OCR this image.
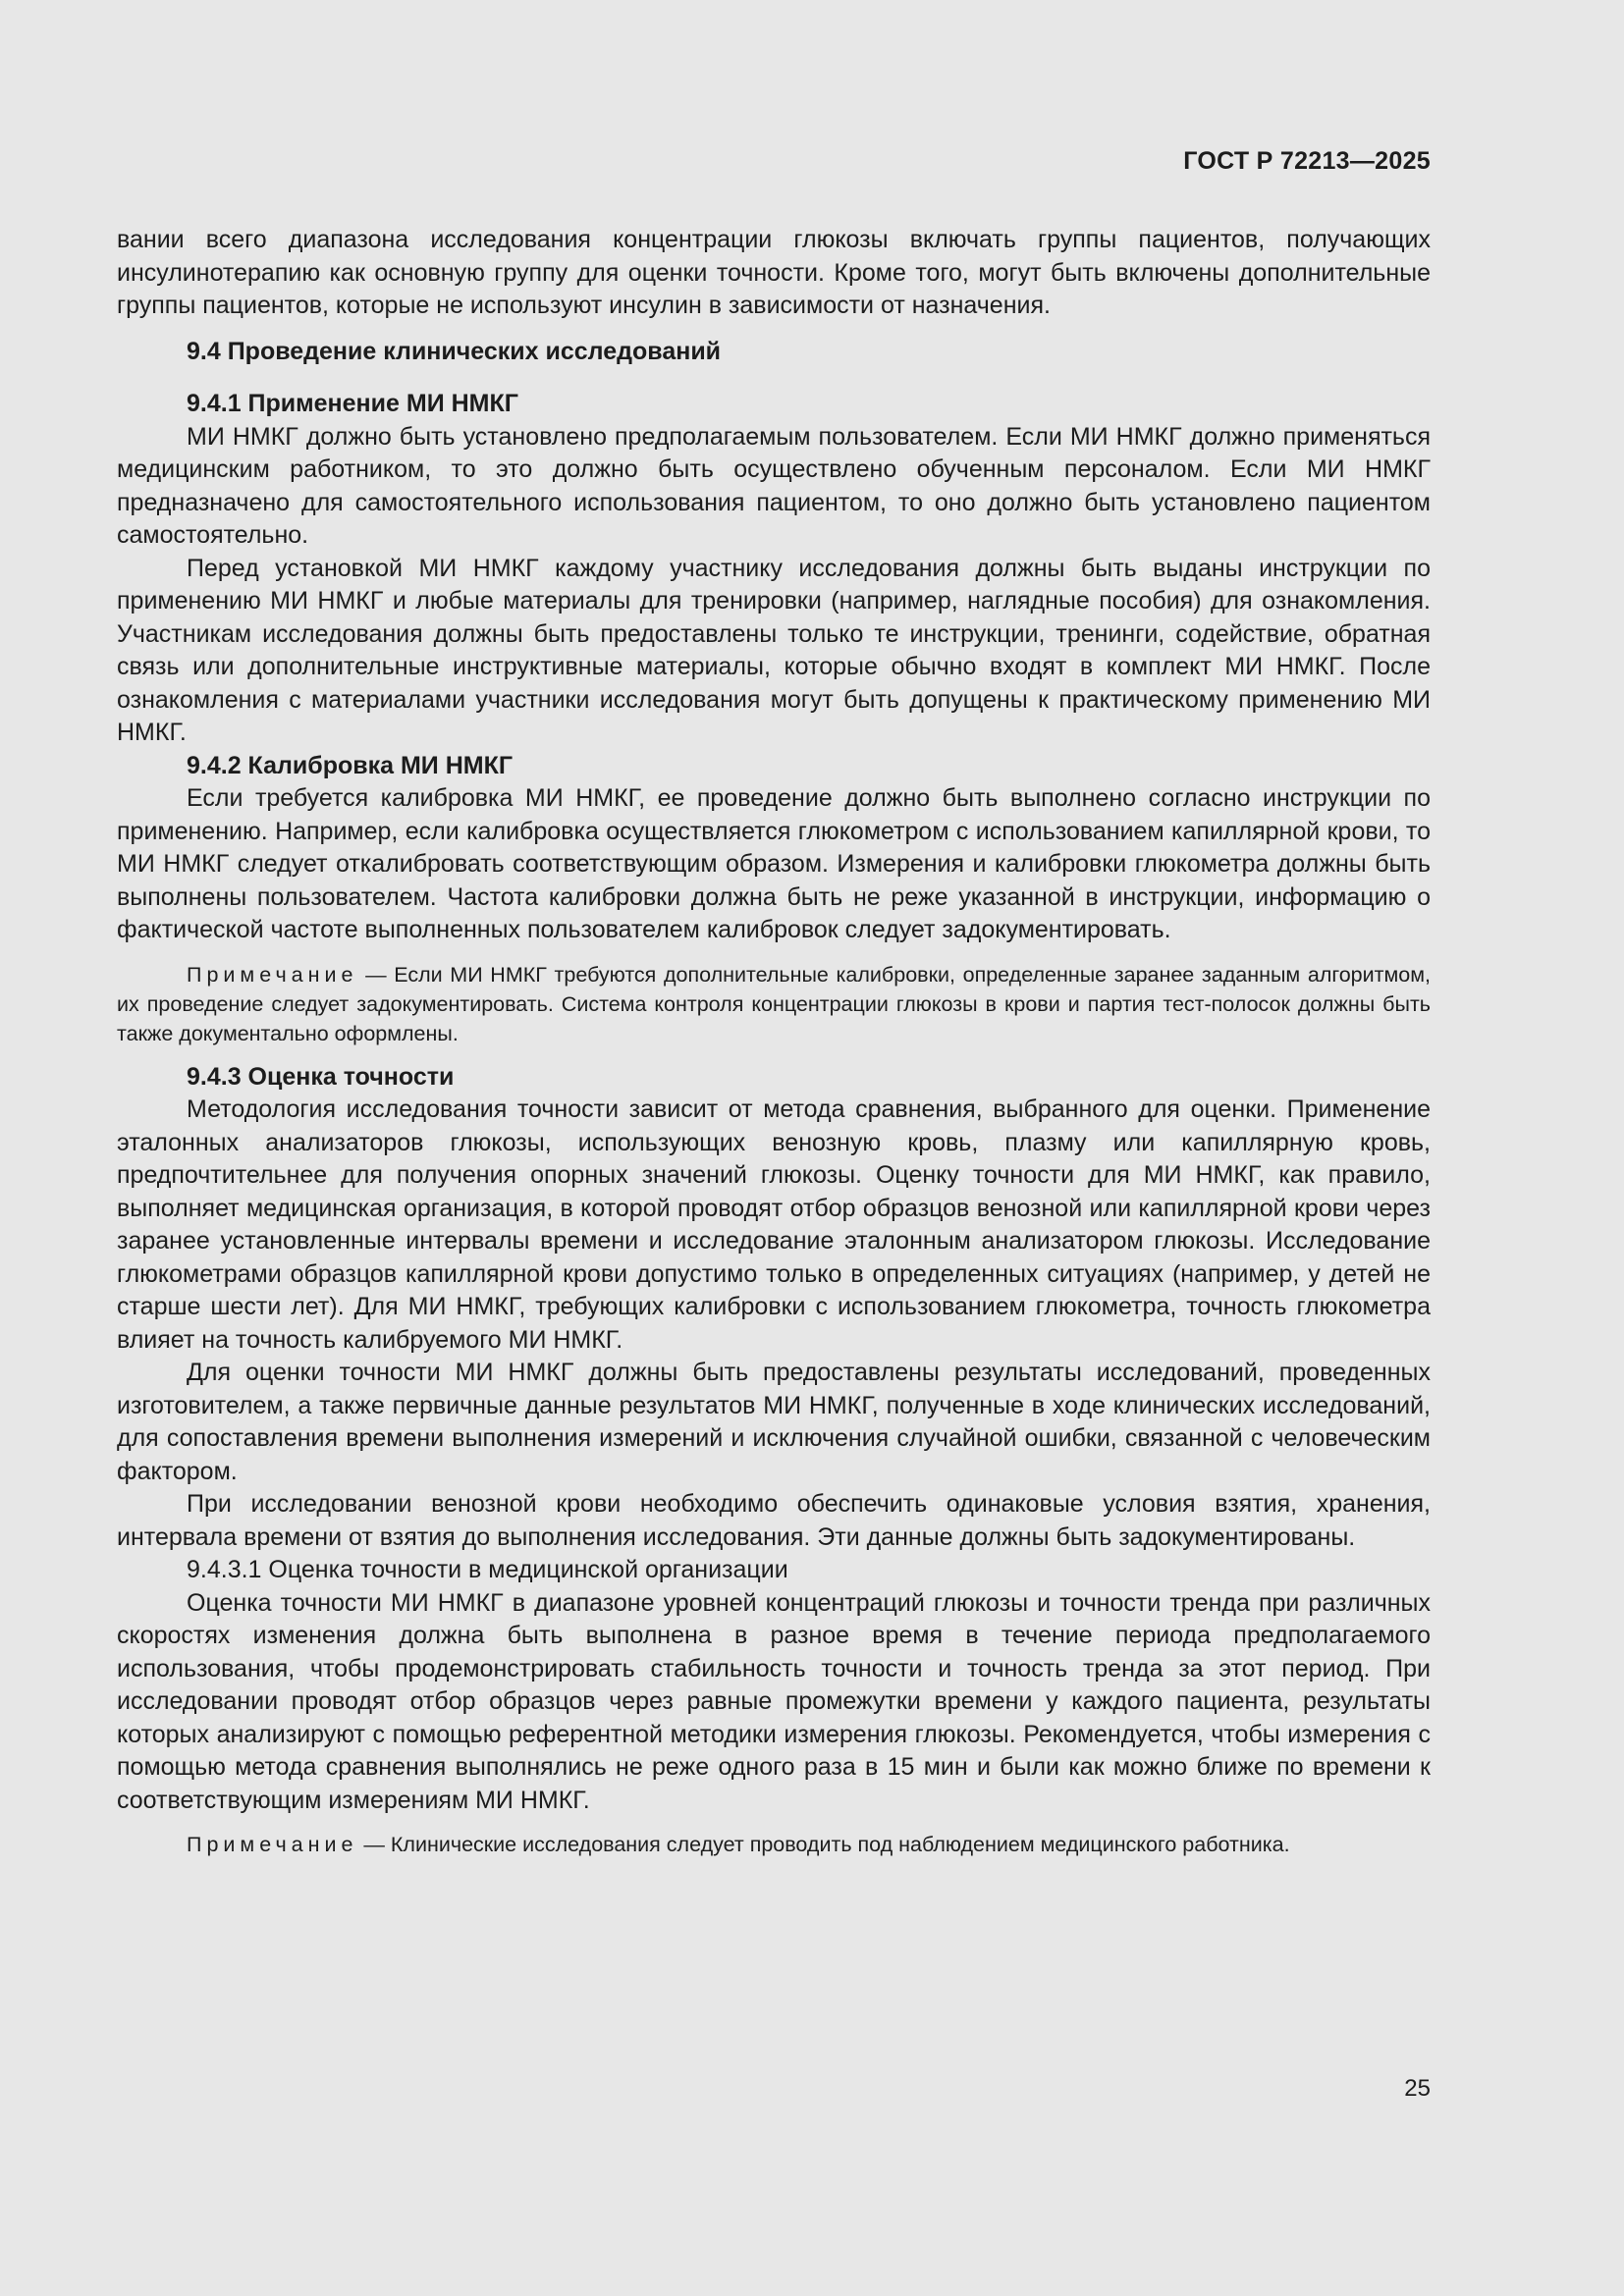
ГОСТ Р 72213—2025

вании всего диапазона исследования концентрации глюкозы включать группы пациентов, получающих инсулинотерапию как основную группу для оценки точности. Кроме того, могут быть включены дополнительные группы пациентов, которые не используют инсулин в зависимости от назначения.

9.4 Проведение клинических исследований

9.4.1 Применение МИ НМКГ

МИ НМКГ должно быть установлено предполагаемым пользователем. Если МИ НМКГ должно применяться медицинским работником, то это должно быть осуществлено обученным персоналом. Если МИ НМКГ предназначено для самостоятельного использования пациентом, то оно должно быть установлено пациентом самостоятельно.

Перед установкой МИ НМКГ каждому участнику исследования должны быть выданы инструкции по применению МИ НМКГ и любые материалы для тренировки (например, наглядные пособия) для ознакомления. Участникам исследования должны быть предоставлены только те инструкции, тренинги, содействие, обратная связь или дополнительные инструктивные материалы, которые обычно входят в комплект МИ НМКГ. После ознакомления с материалами участники исследования могут быть допущены к практическому применению МИ НМКГ.

9.4.2 Калибровка МИ НМКГ

Если требуется калибровка МИ НМКГ, ее проведение должно быть выполнено согласно инструкции по применению. Например, если калибровка осуществляется глюкометром с использованием капиллярной крови, то МИ НМКГ следует откалибровать соответствующим образом. Измерения и калибровки глюкометра должны быть выполнены пользователем. Частота калибровки должна быть не реже указанной в инструкции, информацию о фактической частоте выполненных пользователем калибровок следует задокументировать.

Примечание — Если МИ НМКГ требуются дополнительные калибровки, определенные заранее заданным алгоритмом, их проведение следует задокументировать. Система контроля концентрации глюкозы в крови и партия тест-полосок должны быть также документально оформлены.

9.4.3 Оценка точности

Методология исследования точности зависит от метода сравнения, выбранного для оценки. Применение эталонных анализаторов глюкозы, использующих венозную кровь, плазму или капиллярную кровь, предпочтительнее для получения опорных значений глюкозы. Оценку точности для МИ НМКГ, как правило, выполняет медицинская организация, в которой проводят отбор образцов венозной или капиллярной крови через заранее установленные интервалы времени и исследование эталонным анализатором глюкозы. Исследование глюкометрами образцов капиллярной крови допустимо только в определенных ситуациях (например, у детей не старше шести лет). Для МИ НМКГ, требующих калибровки с использованием глюкометра, точность глюкометра влияет на точность калибруемого МИ НМКГ.

Для оценки точности МИ НМКГ должны быть предоставлены результаты исследований, проведенных изготовителем, а также первичные данные результатов МИ НМКГ, полученные в ходе клинических исследований, для сопоставления времени выполнения измерений и исключения случайной ошибки, связанной с человеческим фактором.

При исследовании венозной крови необходимо обеспечить одинаковые условия взятия, хранения, интервала времени от взятия до выполнения исследования. Эти данные должны быть задокументированы.

9.4.3.1 Оценка точности в медицинской организации

Оценка точности МИ НМКГ в диапазоне уровней концентраций глюкозы и точности тренда при различных скоростях изменения должна быть выполнена в разное время в течение периода предполагаемого использования, чтобы продемонстрировать стабильность точности и точность тренда за этот период. При исследовании проводят отбор образцов через равные промежутки времени у каждого пациента, результаты которых анализируют с помощью референтной методики измерения глюкозы. Рекомендуется, чтобы измерения с помощью метода сравнения выполнялись не реже одного раза в 15 мин и были как можно ближе по времени к соответствующим измерениям МИ НМКГ.

Примечание — Клинические исследования следует проводить под наблюдением медицинского работника.

25
